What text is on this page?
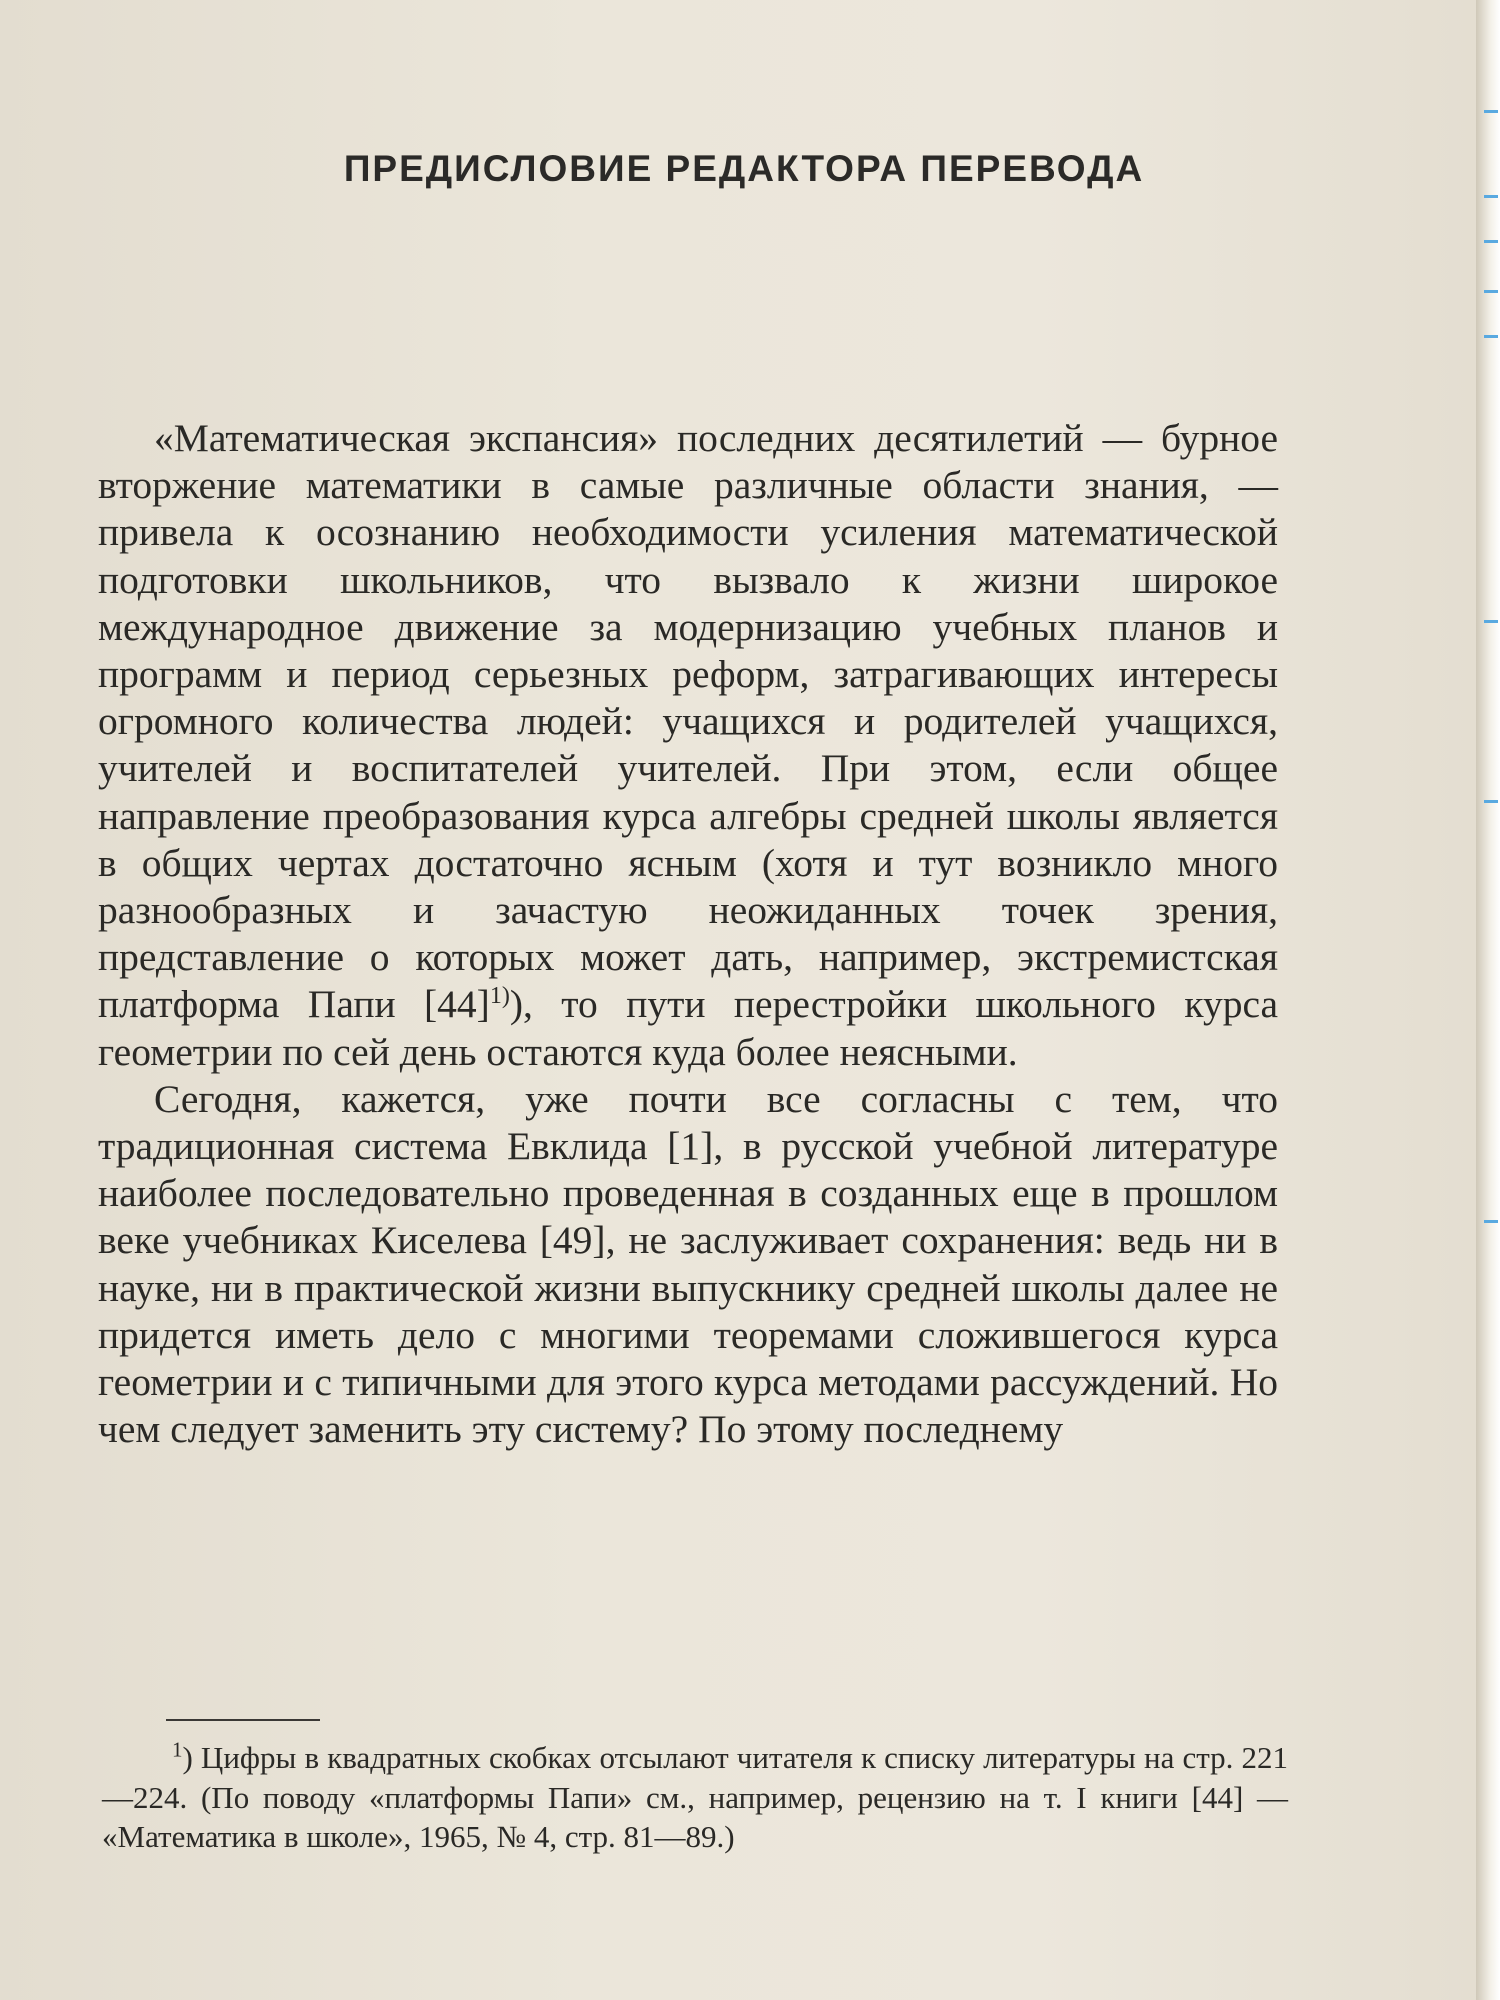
ПРЕДИСЛОВИЕ РЕДАКТОРА ПЕРЕВОДА

«Математическая экспансия» последних десятилетий — бурное вторжение математики в самые различные области знания, — привела к осознанию необходимости усиления математической подготовки школьников, что вызвало к жизни широкое международное движение за модернизацию учебных планов и программ и период серьезных реформ, затрагивающих интересы огромного количества людей: учащихся и родителей учащихся, учителей и воспитателей учителей. При этом, если общее направление преобразования курса алгебры средней школы является в общих чертах достаточно ясным (хотя и тут возникло много разнообразных и зачастую неожиданных точек зрения, представление о которых может дать, например, экстремистская платформа Папи [44]$^{1)}$), то пути перестройки школьного курса геометрии по сей день остаются куда более неясными.

Сегодня, кажется, уже почти все согласны с тем, что традиционная система Евклида [1], в русской учебной литературе наиболее последовательно проведенная в созданных еще в прошлом веке учебниках Киселева [49], не заслуживает сохранения: ведь ни в науке, ни в практической жизни выпускнику средней школы далее не придется иметь дело с многими теоремами сложившегося курса геометрии и с типичными для этого курса методами рассуждений. Но чем следует заменить эту систему? По этому последнему

$^1$) Цифры в квадратных скобках отсылают читателя к списку литературы на стр. 221—224. (По поводу «платформы Папи» см., например, рецензию на т. I книги [44] — «Математика в школе», 1965, № 4, стр. 81—89.)
